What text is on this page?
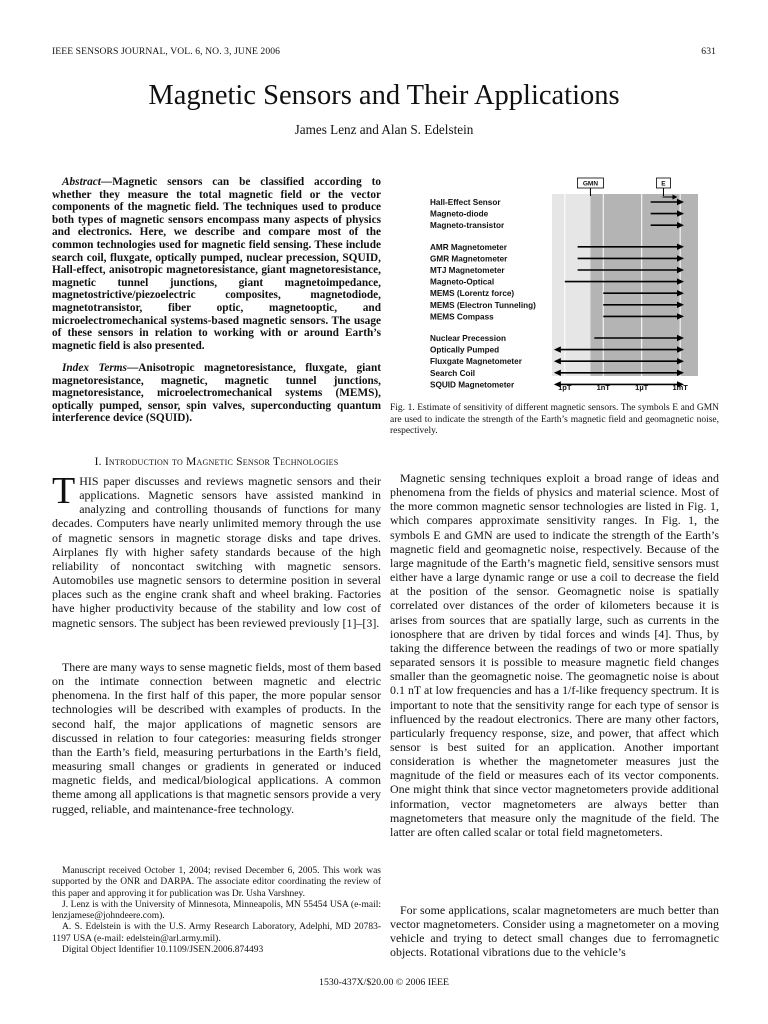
IEEE SENSORS JOURNAL, VOL. 6, NO. 3, JUNE 2006	631
Magnetic Sensors and Their Applications
James Lenz and Alan S. Edelstein

Abstract—Magnetic sensors can be classified according to whether they measure the total magnetic field or the vector components of the magnetic field. The techniques used to produce both types of magnetic sensors encompass many aspects of physics and electronics. Here, we describe and compare most of the common technologies used for magnetic field sensing. These include search coil, fluxgate, optically pumped, nuclear precession, SQUID, Hall-effect, anisotropic magnetoresistance, giant magnetoresistance, magnetic tunnel junctions, giant magnetoimpedance, magnetostrictive/piezoelectric composites, magnetodiode, magnetotransistor, fiber optic, magnetooptic, and microelectromechanical systems-based magnetic sensors. The usage of these sensors in relation to working with or around Earth’s magnetic field is also presented.

Index Terms—Anisotropic magnetoresistance, fluxgate, giant magnetoresistance, magnetic, magnetic tunnel junctions, magnetoresistance, microelectromechanical systems (MEMS), optically pumped, sensor, spin valves, superconducting quantum interference device (SQUID).

I. Introduction to Magnetic Sensor Technologies

THIS paper discusses and reviews magnetic sensors and their applications. Magnetic sensors have assisted mankind in analyzing and controlling thousands of functions for many decades. Computers have nearly unlimited memory through the use of magnetic sensors in magnetic storage disks and tape drives. Airplanes fly with higher safety standards because of the high reliability of noncontact switching with magnetic sensors. Automobiles use magnetic sensors to determine position in several places such as the engine crank shaft and wheel braking. Factories have higher productivity because of the stability and low cost of magnetic sensors. The subject has been reviewed previously [1]–[3].

There are many ways to sense magnetic fields, most of them based on the intimate connection between magnetic and electric phenomena. In the first half of this paper, the more popular sensor technologies will be described with examples of products. In the second half, the major applications of magnetic sensors are discussed in relation to four categories: measuring fields stronger than the Earth’s field, measuring perturbations in the Earth’s field, measuring small changes or gradients in generated or induced magnetic fields, and medical/biological applications. A common theme among all applications is that magnetic sensors provide a very rugged, reliable, and maintenance-free technology.

Manuscript received October 1, 2004; revised December 6, 2005. This work was supported by the ONR and DARPA. The associate editor coordinating the review of this paper and approving it for publication was Dr. Usha Varshney.

J. Lenz is with the University of Minnesota, Minneapolis, MN 55454 USA (e-mail: lenzjamese@johndeere.com).

A. S. Edelstein is with the U.S. Army Research Laboratory, Adelphi, MD 20783-1197 USA (e-mail: edelstein@arl.army.mil).

Digital Object Identifier 10.1109/JSEN.2006.874493

Hall-Effect Sensor
Magneto-diode
Magneto-transistor
AMR Magnetometer
GMR Magnetometer
MTJ Magnetometer
Magneto-Optical
MEMS (Lorentz force)
MEMS (Electron Tunneling)
MEMS Compass
Nuclear Precession
Optically Pumped
Fluxgate Magnetometer
Search Coil
SQUID Magnetometer	1pT	1nT	1µT	1mT
GMN	E

Fig. 1. Estimate of sensitivity of different magnetic sensors. The symbols E and GMN are used to indicate the strength of the Earth’s magnetic field and geomagnetic noise, respectively.

Magnetic sensing techniques exploit a broad range of ideas and phenomena from the fields of physics and material science. Most of the more common magnetic sensor technologies are listed in Fig. 1, which compares approximate sensitivity ranges. In Fig. 1, the symbols E and GMN are used to indicate the strength of the Earth’s magnetic field and geomagnetic noise, respectively. Because of the large magnitude of the Earth’s magnetic field, sensitive sensors must either have a large dynamic range or use a coil to decrease the field at the position of the sensor. Geomagnetic noise is spatially correlated over distances of the order of kilometers because it is arises from sources that are spatially large, such as currents in the ionosphere that are driven by tidal forces and winds [4]. Thus, by taking the difference between the readings of two or more spatially separated sensors it is possible to measure magnetic field changes smaller than the geomagnetic noise. The geomagnetic noise is about 0.1 nT at low frequencies and has a 1/f-like frequency spectrum. It is important to note that the sensitivity range for each type of sensor is influenced by the readout electronics. There are many other factors, particularly frequency response, size, and power, that affect which sensor is best suited for an application. Another important consideration is whether the magnetometer measures just the magnitude of the field or measures each of its vector components. One might think that since vector magnetometers provide additional information, vector magnetometers are always better than magnetometers that measure only the magnitude of the field. The latter are often called scalar or total field magnetometers.

For some applications, scalar magnetometers are much better than vector magnetometers. Consider using a magnetometer on a moving vehicle and trying to detect small changes due to ferromagnetic objects. Rotational vibrations due to the vehicle’s

1530-437X/$20.00 © 2006 IEEE
